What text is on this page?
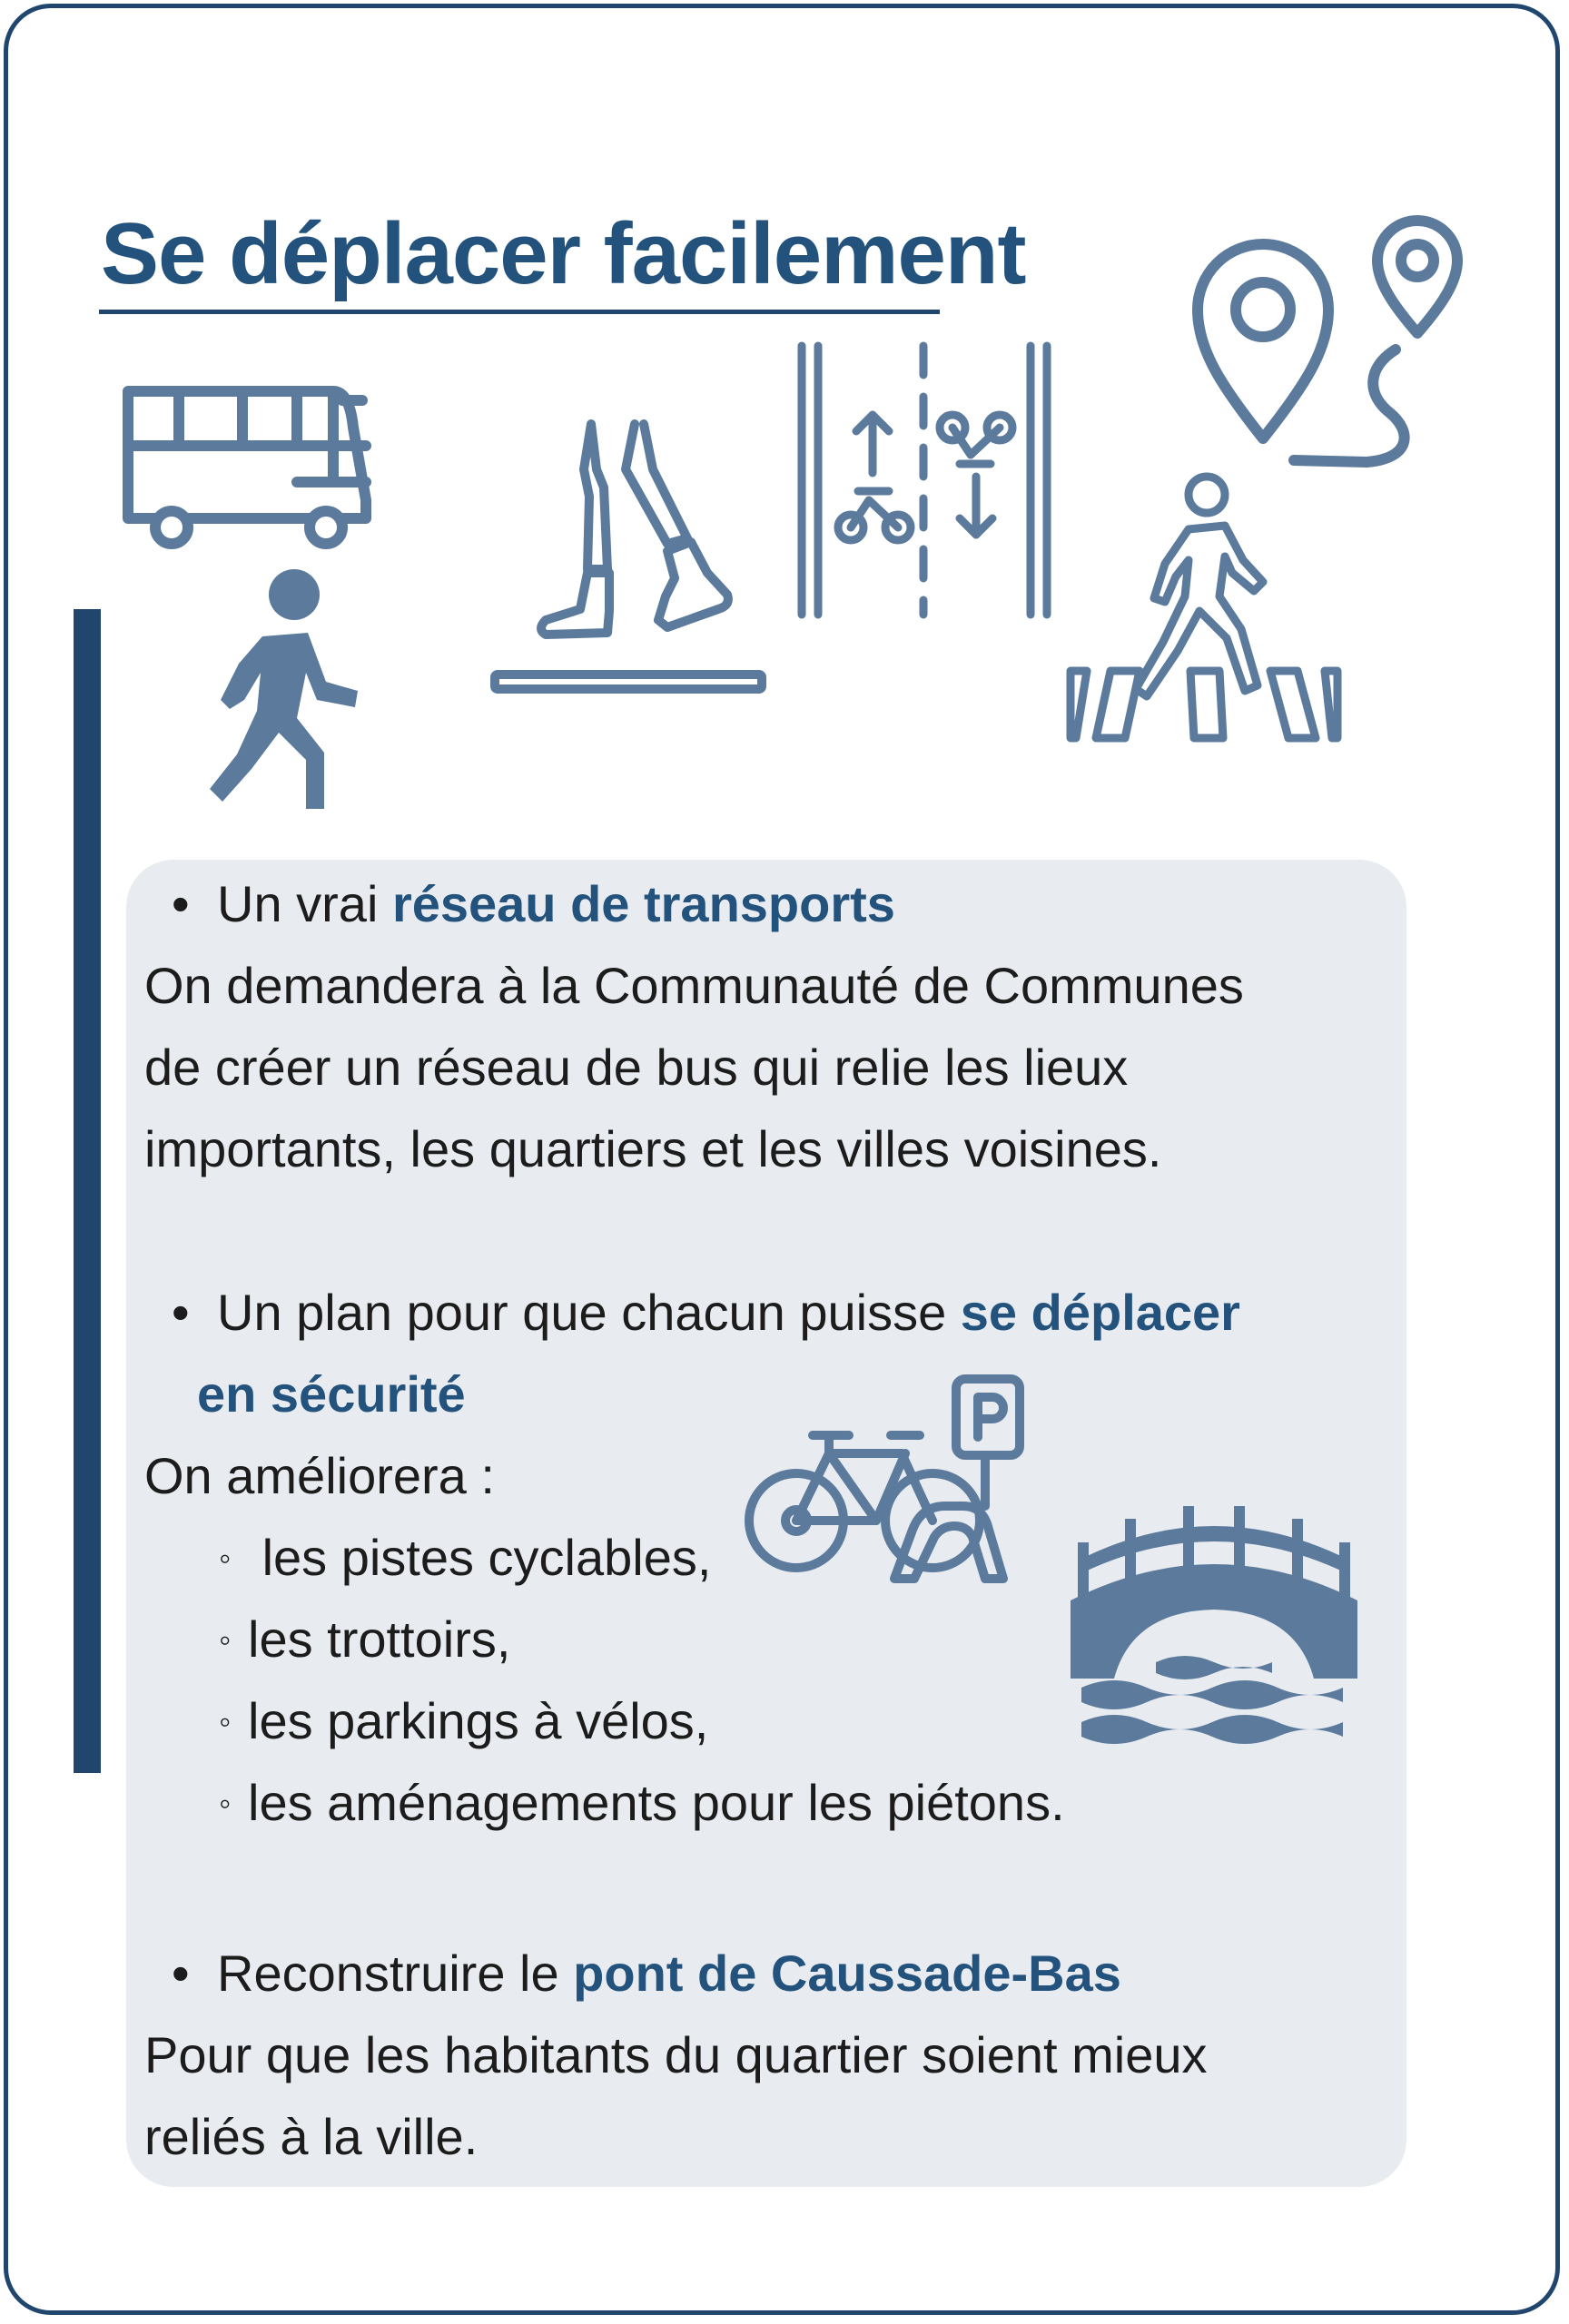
Se déplacer facilement

• Un vrai réseau de transports

On demandera à la Communauté de Communes

de créer un réseau de bus qui relie les lieux

importants, les quartiers et les villes voisines.

• Un plan pour que chacun puisse se déplacer

en sécurité

On améliorera :

◦ les pistes cyclables,

◦ les trottoirs,

◦ les parkings à vélos,

◦ les aménagements pour les piétons.

• Reconstruire le pont de Caussade-Bas

Pour que les habitants du quartier soient mieux

reliés à la ville.
